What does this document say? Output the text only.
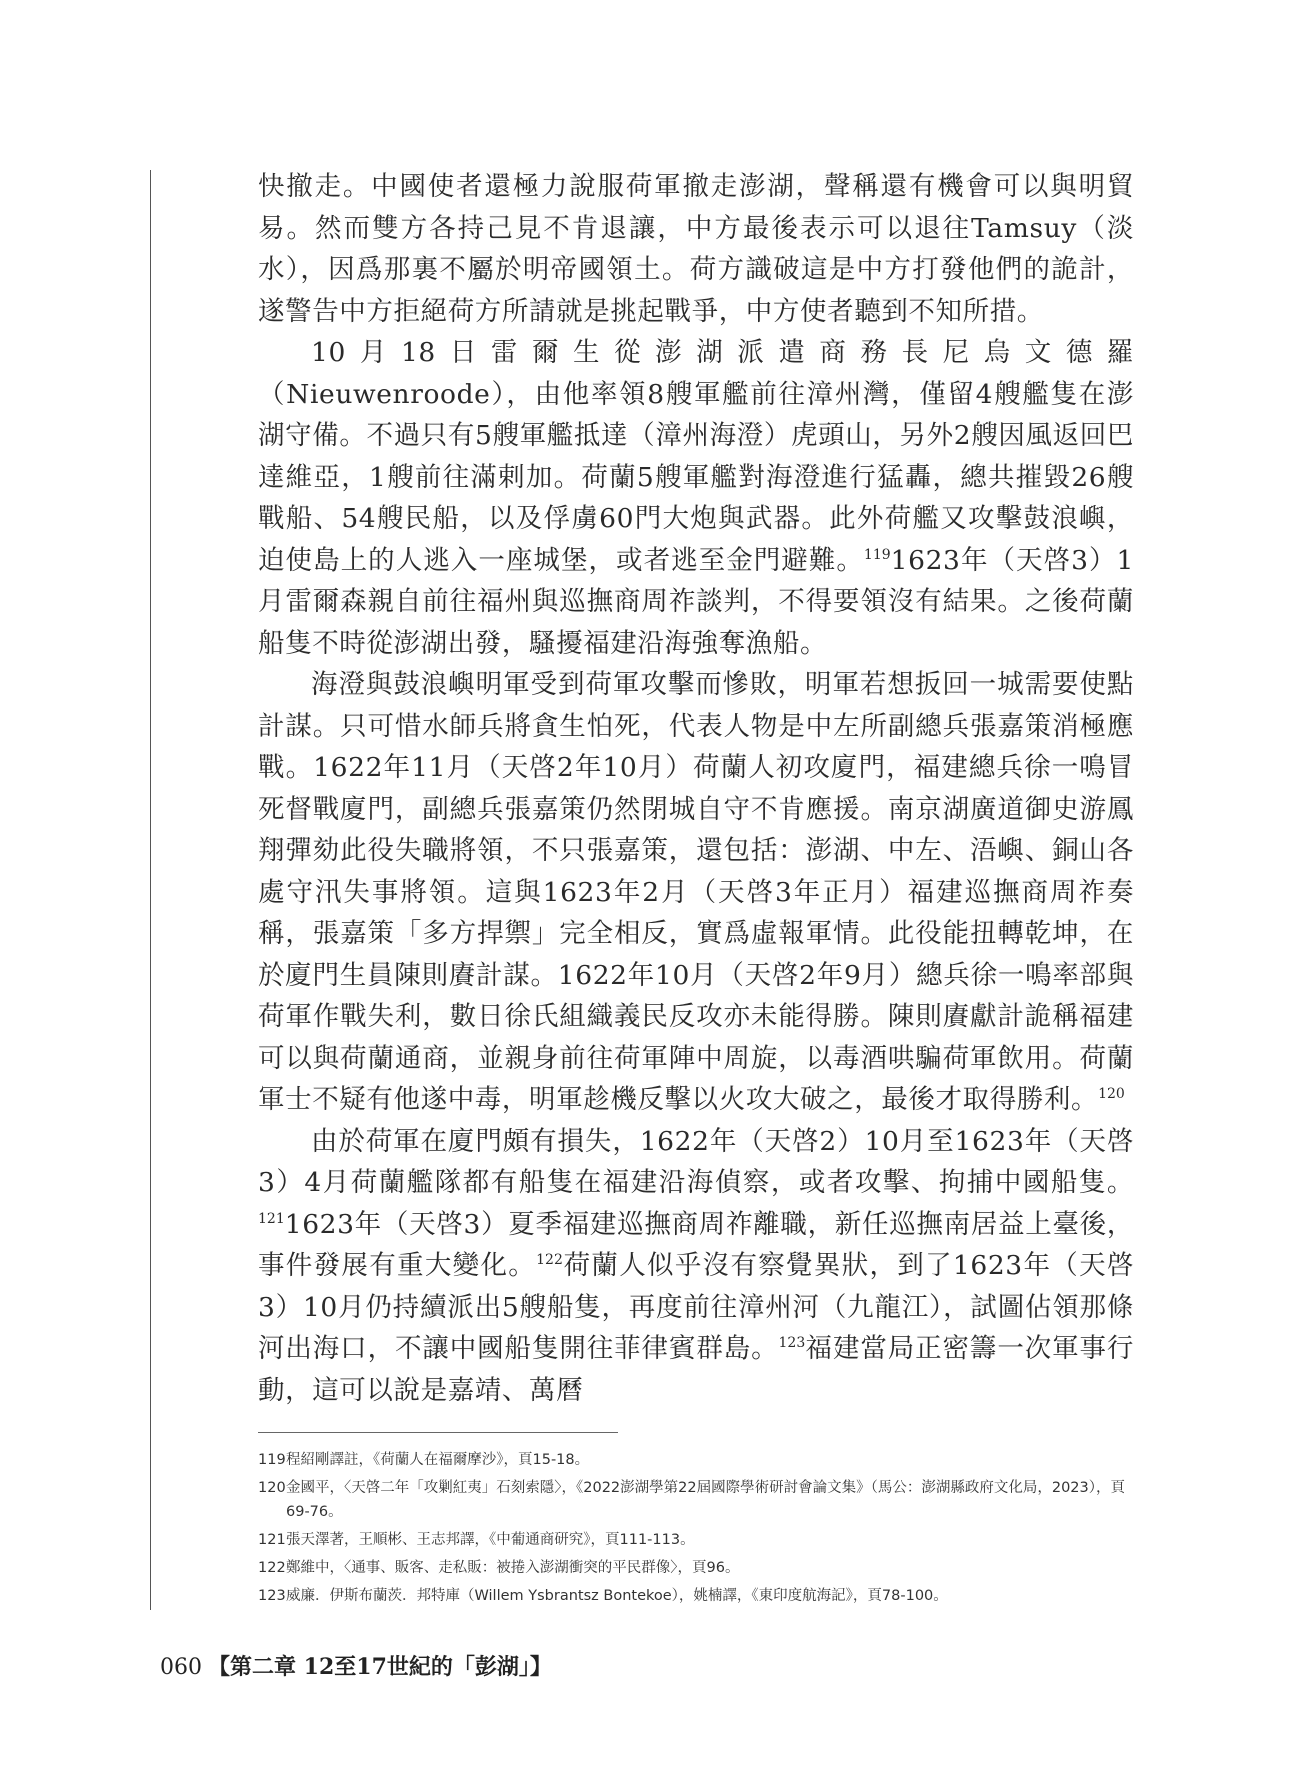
快撤走。中國使者還極力說服荷軍撤走澎湖，聲稱還有機會可以與明貿易。然而雙方各持己見不肯退讓，中方最後表示可以退往Tamsuy（淡水），因爲那裏不屬於明帝國領土。荷方識破這是中方打發他們的詭計，遂警告中方拒絕荷方所請就是挑起戰爭，中方使者聽到不知所措。

10月18日雷爾生從澎湖派遣商務長尼烏文德羅（Nieuwenroode），由他率領8艘軍艦前往漳州灣，僅留4艘艦隻在澎湖守備。不過只有5艘軍艦抵達（漳州海澄）虎頭山，另外2艘因風返回巴達維亞，1艘前往滿剌加。荷蘭5艘軍艦對海澄進行猛轟，總共摧毀26艘戰船、54艘民船，以及俘虜60門大炮與武器。此外荷艦又攻擊鼓浪嶼，迫使島上的人逃入一座城堡，或者逃至金門避難。$^{119}$1623年（天啓3）1月雷爾森親自前往福州與巡撫商周祚談判，不得要領沒有結果。之後荷蘭船隻不時從澎湖出發，騷擾福建沿海強奪漁船。

海澄與鼓浪嶼明軍受到荷軍攻擊而慘敗，明軍若想扳回一城需要使點計謀。只可惜水師兵將貪生怕死，代表人物是中左所副總兵張嘉策消極應戰。1622年11月（天啓2年10月）荷蘭人初攻廈門，福建總兵徐一鳴冒死督戰廈門，副總兵張嘉策仍然閉城自守不肯應援。南京湖廣道御史游鳳翔彈劾此役失職將領，不只張嘉策，還包括：澎湖、中左、浯嶼、銅山各處守汛失事將領。這與1623年2月（天啓3年正月）福建巡撫商周祚奏稱，張嘉策「多方捍禦」完全相反，實爲虛報軍情。此役能扭轉乾坤，在於廈門生員陳則賡計謀。1622年10月（天啓2年9月）總兵徐一鳴率部與荷軍作戰失利，數日徐氏組織義民反攻亦未能得勝。陳則賡獻計詭稱福建可以與荷蘭通商，並親身前往荷軍陣中周旋，以毒酒哄騙荷軍飲用。荷蘭軍士不疑有他遂中毒，明軍趁機反擊以火攻大破之，最後才取得勝利。$^{120}$

由於荷軍在廈門頗有損失，1622年（天啓2）10月至1623年（天啓3）4月荷蘭艦隊都有船隻在福建沿海偵察，或者攻擊、拘捕中國船隻。$^{121}$1623年（天啓3）夏季福建巡撫商周祚離職，新任巡撫南居益上臺後，事件發展有重大變化。$^{122}$荷蘭人似乎沒有察覺異狀，到了1623年（天啓3）10月仍持續派出5艘船隻，再度前往漳州河（九龍江），試圖佔領那條河出海口，不讓中國船隻開往菲律賓群島。$^{123}$福建當局正密籌一次軍事行動，這可以說是嘉靖、萬曆

119 程紹剛譯註，《荷蘭人在福爾摩沙》，頁15-18。
120 金國平，〈天啓二年「攻剿紅夷」石刻索隱〉，《2022澎湖學第22屆國際學術研討會論文集》（馬公：澎湖縣政府文化局，2023），頁69-76。
121 張天澤著，王順彬、王志邦譯，《中葡通商研究》，頁111-113。
122 鄭維中，〈通事、販客、走私販：被捲入澎湖衝突的平民群像〉，頁96。
123 威廉．伊斯布蘭茨．邦特庫（Willem Ysbrantsz Bontekoe），姚楠譯，《東印度航海記》，頁78-100。
060 【第二章 12至17世紀的「彭湖」】
